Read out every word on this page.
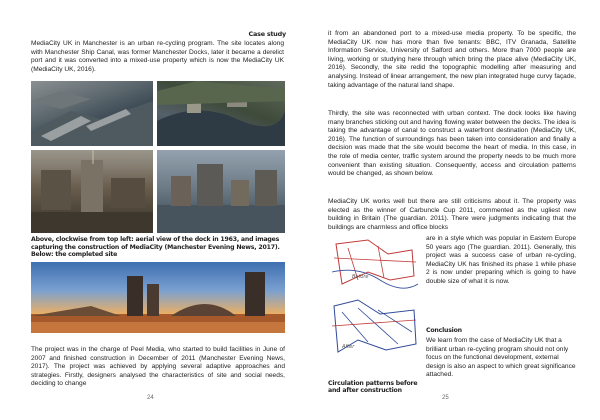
Case study
MediaCity UK in Manchester is an urban re-cycling program. The site locates along with Manchester Ship Canal, was former Manchester Docks, later it became a derelict port and it was converted into a mixed-use property which is now the MediaCity UK (MediaCity UK, 2016).
Above, clockwise from top left: aerial view of the dock in 1963, and images capturing the construction of MediaCity (Manchester Evening News, 2017). Below: the completed site
The project was in the charge of Peel Media, who started to build facilities in June of 2007 and finished construction in December of 2011 (Manchester Evening News, 2017). The project was achieved by applying several adaptive approaches and strategies. Firstly, designers analysed the characteristics of site and social needs, deciding to change
24
it from an abandoned port to a mixed-use media property. To be specific, the MediaCity UK now has more than five tenants: BBC, ITV Granada, Satellite Information Service, University of Salford and others. More than 7000 people are living, working or studying here through which bring the place alive (MediaCity UK, 2016). Secondly, the site redid the topographic modelling after measuring and analysing. Instead of linear arrangement, the new plan integrated huge curvy façade, taking advantage of the natural land shape.
Thirdly, the site was reconnected with urban context. The dock looks like having many branches sticking out and having flowing water between the decks. The idea is taking the advantage of canal to construct a waterfront destination (MediaCity UK, 2016). The function of surroundings has been taken into consideration and finally a decision was made that the site would become the heart of media. In this case, in the role of media center, traffic system around the property needs to be much more convenient than existing situation. Consequently, access and circulation patterns would be changed, as shown below.
MediaCity UK works well but there are still criticisms about it. The property was elected as the winner of Carbuncle Cup 2011, commented as the ugliest new building in Britain (The guardian. 2011). There were judgments indicating that the buildings are charmless and office blocks
are in a style which was popular in Eastern Europe 50 years ago (The guardian. 2011). Generally, this project was a success case of urban re-cycling, MediaCity UK has finished its phase 1 while phase 2 is now under preparing which is going to have double size of what it is now.
Before
After
Circulation patterns before and after construction
Conclusion
We learn from the case of MediaCity UK that a brilliant urban re-cycling program should not only focus on the functional development, external design is also an aspect to which great significance attached.
25
